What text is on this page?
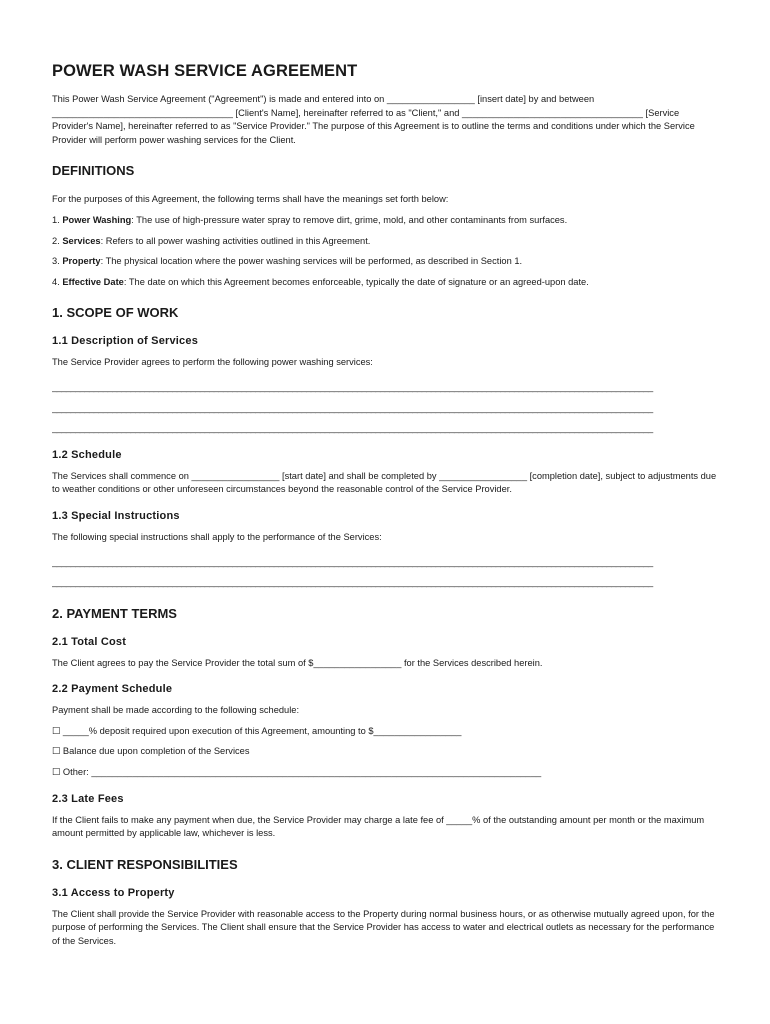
POWER WASH SERVICE AGREEMENT

This Power Wash Service Agreement ("Agreement") is made and entered into on _________________ [insert date] by and between ___________________________________ [Client's Name], hereinafter referred to as "Client," and ___________________________________ [Service Provider's Name], hereinafter referred to as "Service Provider." The purpose of this Agreement is to outline the terms and conditions under which the Service Provider will perform power washing services for the Client.

DEFINITIONS

For the purposes of this Agreement, the following terms shall have the meanings set forth below:

1. Power Washing: The use of high-pressure water spray to remove dirt, grime, mold, and other contaminants from surfaces.

2. Services: Refers to all power washing activities outlined in this Agreement.

3. Property: The physical location where the power washing services will be performed, as described in Section 1.

4. Effective Date: The date on which this Agreement becomes enforceable, typically the date of signature or an agreed-upon date.

1. SCOPE OF WORK
1.1 Description of Services

The Service Provider agrees to perform the following power washing services:

__________________________________________________________________________________________________________________________________
__________________________________________________________________________________________________________________________________
__________________________________________________________________________________________________________________________________
1.2 Schedule

The Services shall commence on _________________ [start date] and shall be completed by _________________ [completion date], subject to adjustments due to weather conditions or other unforeseen circumstances beyond the reasonable control of the Service Provider.

1.3 Special Instructions

The following special instructions shall apply to the performance of the Services:

__________________________________________________________________________________________________________________________________
__________________________________________________________________________________________________________________________________
2. PAYMENT TERMS
2.1 Total Cost

The Client agrees to pay the Service Provider the total sum of $_________________ for the Services described herein.

2.2 Payment Schedule

Payment shall be made according to the following schedule:

☐ _____% deposit required upon execution of this Agreement, amounting to $_________________

☐ Balance due upon completion of the Services

☐ Other: _______________________________________________________________________________________

2.3 Late Fees

If the Client fails to make any payment when due, the Service Provider may charge a late fee of _____% of the outstanding amount per month or the maximum amount permitted by applicable law, whichever is less.

3. CLIENT RESPONSIBILITIES
3.1 Access to Property

The Client shall provide the Service Provider with reasonable access to the Property during normal business hours, or as otherwise mutually agreed upon, for the purpose of performing the Services. The Client shall ensure that the Service Provider has access to water and electrical outlets as necessary for the performance of the Services.
